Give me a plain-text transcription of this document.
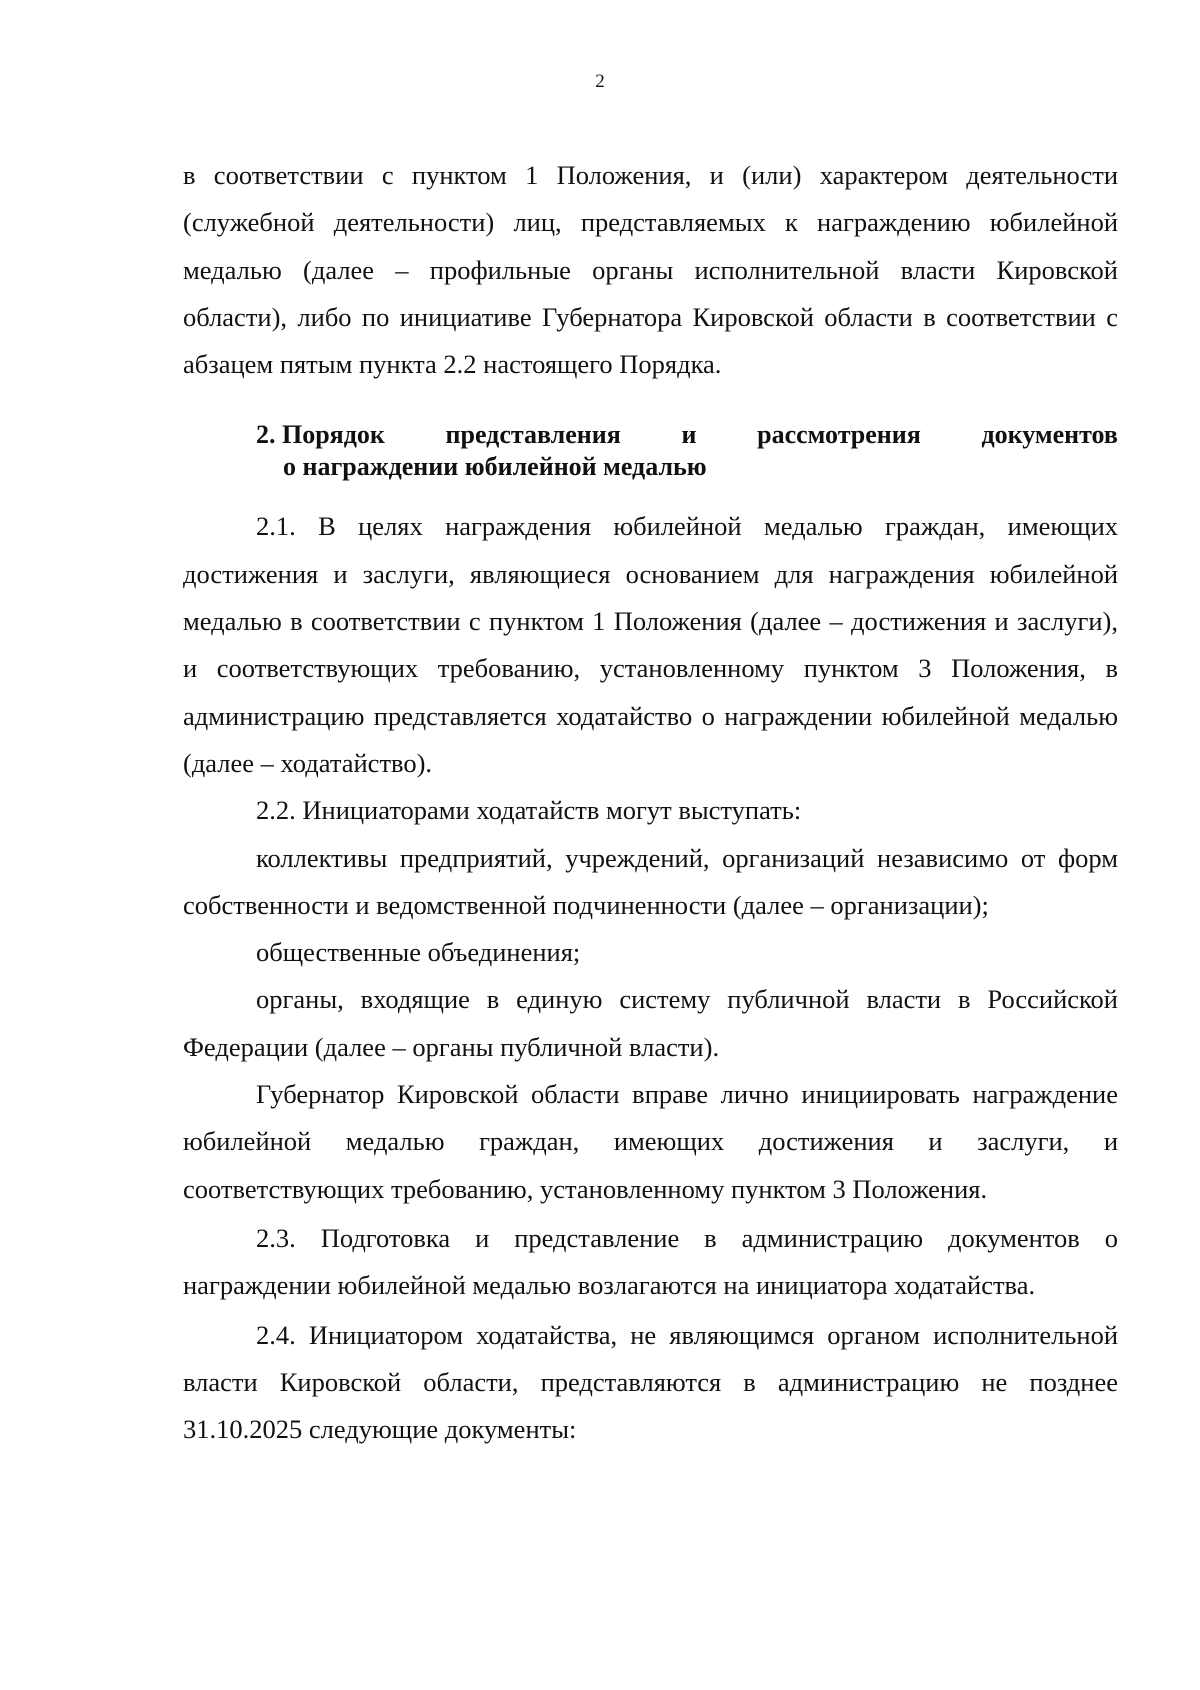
2

в соответствии с пунктом 1 Положения, и (или) характером деятельности (служебной деятельности) лиц, представляемых к награждению юбилейной медалью (далее – профильные органы исполнительной власти Кировской области), либо по инициативе Губернатора Кировской области в соответствии с абзацем пятым пункта 2.2 настоящего Порядка.

2. Порядок представления и рассмотрения документов
о награждении юбилейной медалью

2.1. В целях награждения юбилейной медалью граждан, имеющих достижения и заслуги, являющиеся основанием для награждения юбилейной медалью в соответствии с пунктом 1 Положения (далее – достижения и заслуги), и соответствующих требованию, установленному пунктом 3 Положения, в администрацию представляется ходатайство о награждении юбилейной медалью (далее – ходатайство).

2.2. Инициаторами ходатайств могут выступать:

коллективы предприятий, учреждений, организаций независимо от форм собственности и ведомственной подчиненности (далее – организации);

общественные объединения;

органы, входящие в единую систему публичной власти в Российской Федерации (далее – органы публичной власти).

Губернатор Кировской области вправе лично инициировать награждение юбилейной медалью граждан, имеющих достижения и заслуги, и соответствующих требованию, установленному пунктом 3 Положения.

2.3. Подготовка и представление в администрацию документов о награждении юбилейной медалью возлагаются на инициатора ходатайства.

2.4. Инициатором ходатайства, не являющимся органом исполнительной власти Кировской области, представляются в администрацию не позднее 31.10.2025 следующие документы:
